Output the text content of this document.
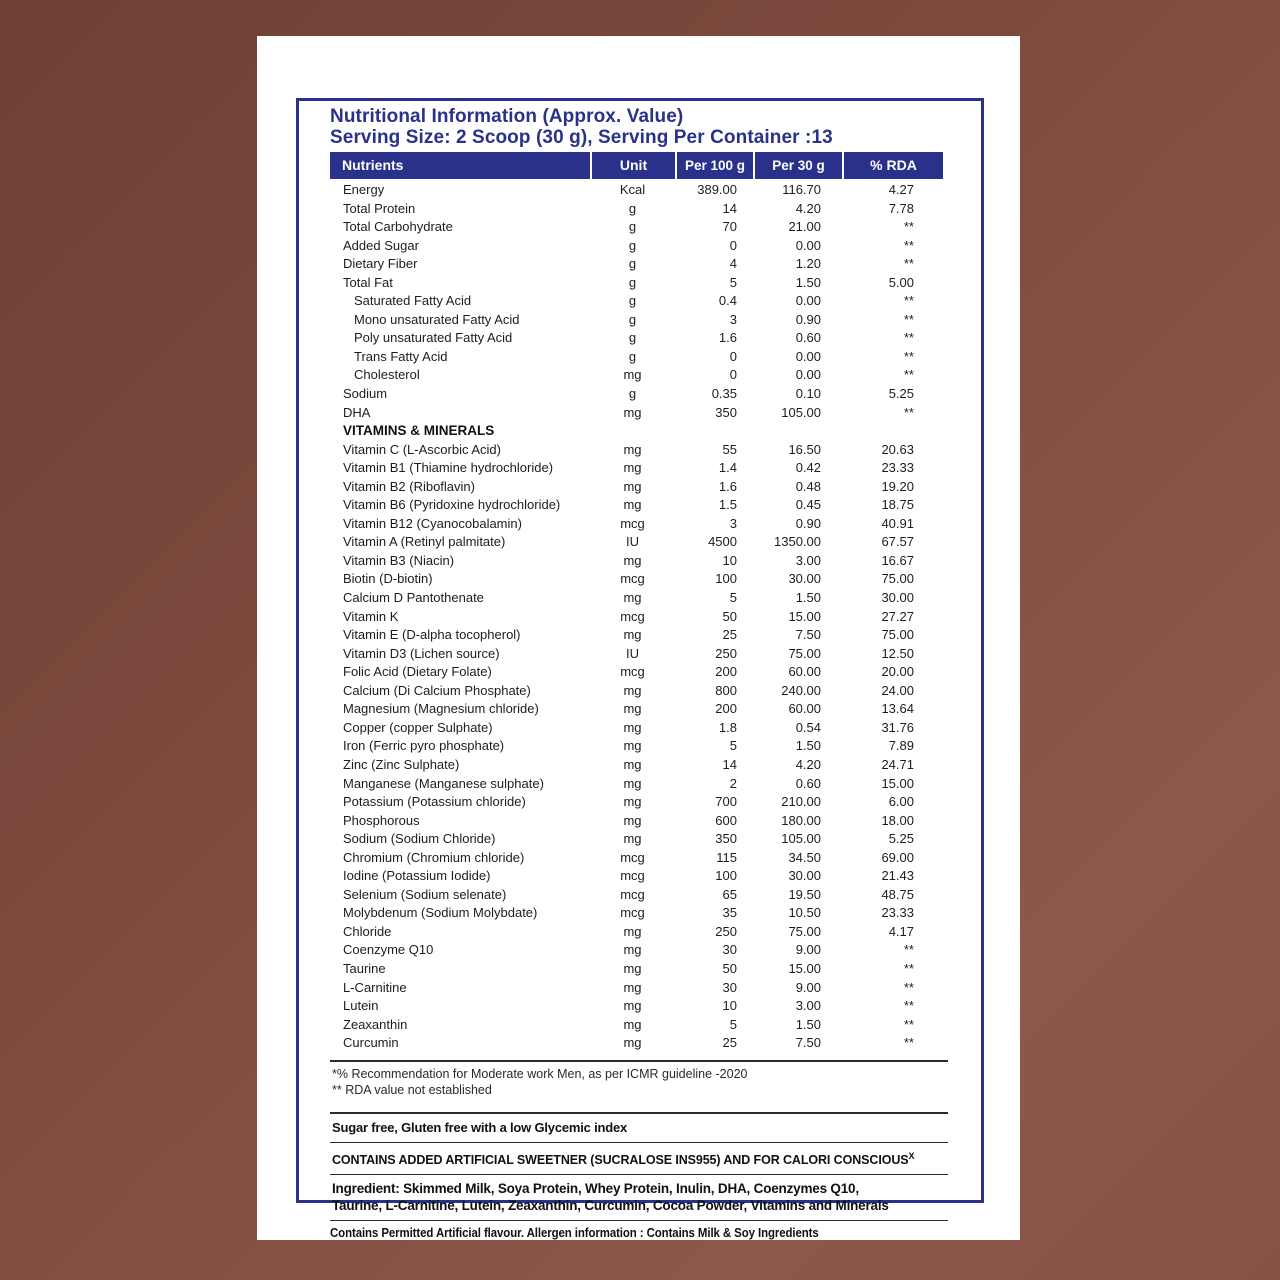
Nutritional Information (Approx. Value)
Serving Size: 2 Scoop (30 g), Serving Per Container :13
Nutrients	Unit	Per 100 g	Per 30 g	% RDA
Energy	Kcal	389.00	116.70	4.27
Total Protein	g	14	4.20	7.78
Total Carbohydrate	g	70	21.00	**
Added Sugar	g	0	0.00	**
Dietary Fiber	g	4	1.20	**
Total Fat	g	5	1.50	5.00
Saturated Fatty Acid	g	0.4	0.00	**
Mono unsaturated Fatty Acid	g	3	0.90	**
Poly unsaturated Fatty Acid	g	1.6	0.60	**
Trans Fatty Acid	g	0	0.00	**
Cholesterol	mg	0	0.00	**
Sodium	g	0.35	0.10	5.25
DHA	mg	350	105.00	**
VITAMINS & MINERALS
Vitamin C (L-Ascorbic Acid)	mg	55	16.50	20.63
Vitamin B1 (Thiamine hydrochloride)	mg	1.4	0.42	23.33
Vitamin B2 (Riboflavin)	mg	1.6	0.48	19.20
Vitamin B6 (Pyridoxine hydrochloride)	mg	1.5	0.45	18.75
Vitamin B12 (Cyanocobalamin)	mcg	3	0.90	40.91
Vitamin A (Retinyl palmitate)	IU	4500	1350.00	67.57
Vitamin B3 (Niacin)	mg	10	3.00	16.67
Biotin (D-biotin)	mcg	100	30.00	75.00
Calcium D Pantothenate	mg	5	1.50	30.00
Vitamin K	mcg	50	15.00	27.27
Vitamin E (D-alpha tocopherol)	mg	25	7.50	75.00
Vitamin D3 (Lichen source)	IU	250	75.00	12.50
Folic Acid (Dietary Folate)	mcg	200	60.00	20.00
Calcium (Di Calcium Phosphate)	mg	800	240.00	24.00
Magnesium (Magnesium chloride)	mg	200	60.00	13.64
Copper (copper Sulphate)	mg	1.8	0.54	31.76
Iron (Ferric pyro phosphate)	mg	5	1.50	7.89
Zinc (Zinc Sulphate)	mg	14	4.20	24.71
Manganese (Manganese sulphate)	mg	2	0.60	15.00
Potassium (Potassium chloride)	mg	700	210.00	6.00
Phosphorous	mg	600	180.00	18.00
Sodium (Sodium Chloride)	mg	350	105.00	5.25
Chromium (Chromium chloride)	mcg	115	34.50	69.00
Iodine (Potassium Iodide)	mcg	100	30.00	21.43
Selenium (Sodium selenate)	mcg	65	19.50	48.75
Molybdenum (Sodium Molybdate)	mcg	35	10.50	23.33
Chloride	mg	250	75.00	4.17
Coenzyme Q10	mg	30	9.00	**
Taurine	mg	50	15.00	**
L-Carnitine	mg	30	9.00	**
Lutein	mg	10	3.00	**
Zeaxanthin	mg	5	1.50	**
Curcumin	mg	25	7.50	**
*% Recommendation for Moderate work Men, as per ICMR guideline -2020
** RDA value not established
Sugar free, Gluten free with a low Glycemic index
CONTAINS ADDED ARTIFICIAL SWEETNER (SUCRALOSE INS955) AND FOR CALORI $CONSCIOUS^X$
Ingredient: Skimmed Milk, Soya Protein, Whey Protein, Inulin, DHA, Coenzymes Q10, Taurine, L-Carnitine, Lutein, Zeaxanthin, Curcumin, Cocoa Powder, Vitamins and Minerals
Contains Permitted Artificial flavour. Allergen information : Contains Milk & Soy Ingredients
